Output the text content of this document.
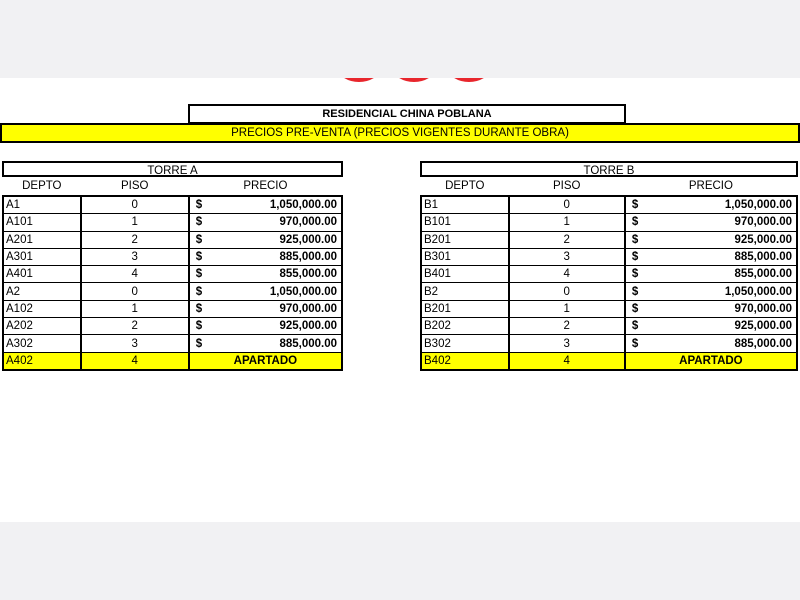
RESIDENCIAL CHINA POBLANA
PRECIOS PRE-VENTA (PRECIOS VIGENTES DURANTE OBRA)
TORRE A
DEPTO	PISO	PRECIO
A1	0	$ 1,050,000.00

A101	1	$ 970,000.00

A201	2	$ 925,000.00

A301	3	$ 885,000.00

A401	4	$ 855,000.00

A2	0	$ 1,050,000.00

A102	1	$ 970,000.00

A202	2	$ 925,000.00

A302	3	$ 885,000.00

A402	4	APARTADO
TORRE B
DEPTO	PISO	PRECIO
B1	0	$ 1,050,000.00

B101	1	$ 970,000.00

B201	2	$ 925,000.00

B301	3	$ 885,000.00

B401	4	$ 855,000.00

B2	0	$ 1,050,000.00

B201	1	$ 970,000.00

B202	2	$ 925,000.00

B302	3	$ 885,000.00

B402	4	APARTADO
